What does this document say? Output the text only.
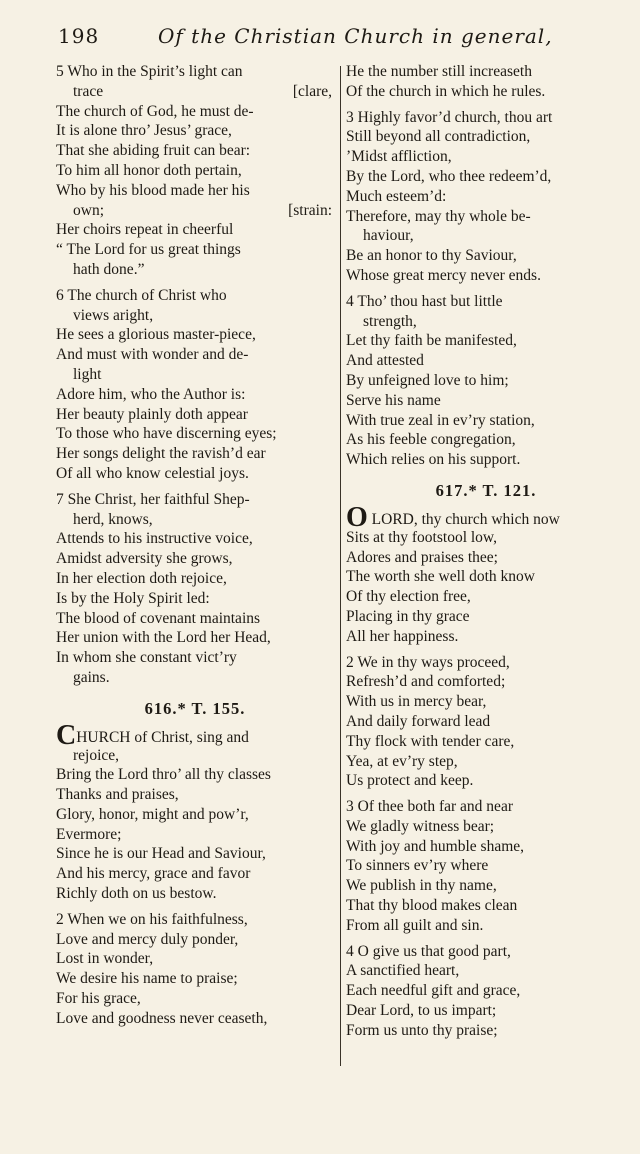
198	Of the Christian Church in general,
5 Who in the Spirit’s light can
trace	[clare,
The church of God, he must de-
It is alone thro’ Jesus’ grace,
That she abiding fruit can bear:
To him all honor doth pertain,
Who by his blood made her his
own;	[strain:
Her choirs repeat in cheerful
“ The Lord for us great things
hath done.”
6 The church of Christ who
views aright,
He sees a glorious master-piece,
And must with wonder and de-
light
Adore him, who the Author is:
Her beauty plainly doth appear
To those who have discerning eyes;
Her songs delight the ravish’d ear
Of all who know celestial joys.
7 She Christ, her faithful Shep-
herd, knows,
Attends to his instructive voice,
Amidst adversity she grows,
In her election doth rejoice,
Is by the Holy Spirit led:
The blood of covenant maintains
Her union with the Lord her Head,
In whom she constant vict’ry
gains.
616.* T. 155.
CHURCH of Christ, sing and
rejoice,
Bring the Lord thro’ all thy classes
Thanks and praises,
Glory, honor, might and pow’r,
Evermore;
Since he is our Head and Saviour,
And his mercy, grace and favor
Richly doth on us bestow.
2 When we on his faithfulness,
Love and mercy duly ponder,
Lost in wonder,
We desire his name to praise;
For his grace,
Love and goodness never ceaseth,
He the number still increaseth
Of the church in which he rules.
3 Highly favor’d church, thou art
Still beyond all contradiction,
’Midst affliction,
By the Lord, who thee redeem’d,
Much esteem’d:
Therefore, may thy whole be-
haviour,
Be an honor to thy Saviour,
Whose great mercy never ends.
4 Tho’ thou hast but little
strength,
Let thy faith be manifested,
And attested
By unfeigned love to him;
Serve his name
With true zeal in ev’ry station,
As his feeble congregation,
Which relies on his support.
617.* T. 121.
O LORD, thy church which now
Sits at thy footstool low,
Adores and praises thee;
The worth she well doth know
Of thy election free,
Placing in thy grace
All her happiness.
2 We in thy ways proceed,
Refresh’d and comforted;
With us in mercy bear,
And daily forward lead
Thy flock with tender care,
Yea, at ev’ry step,
Us protect and keep.
3 Of thee both far and near
We gladly witness bear;
With joy and humble shame,
To sinners ev’ry where
We publish in thy name,
That thy blood makes clean
From all guilt and sin.
4 O give us that good part,
A sanctified heart,
Each needful gift and grace,
Dear Lord, to us impart;
Form us unto thy praise;
